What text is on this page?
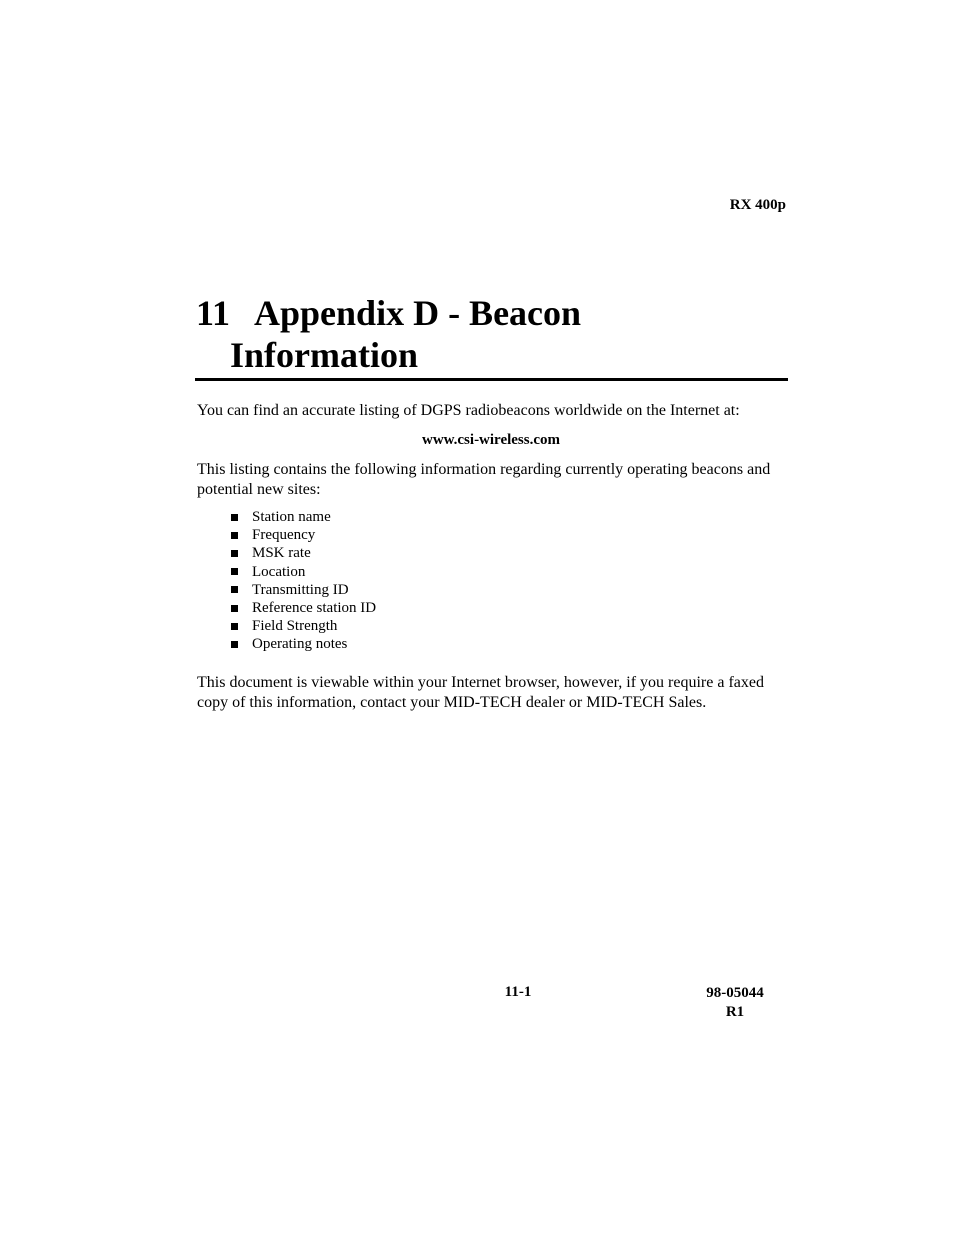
RX 400p
11 Appendix D - Beacon
Information

You can find an accurate listing of DGPS radiobeacons worldwide on the Internet at:

www.csi-wireless.com

This listing contains the following information regarding currently operating beacons and potential new sites:

Station name
Frequency
MSK rate
Location
Transmitting ID
Reference station ID
Field Strength
Operating notes

This document is viewable within your Internet browser, however, if you require a faxed copy of this information, contact your MID-TECH dealer or MID-TECH Sales.

11-1	98-05044
R1
